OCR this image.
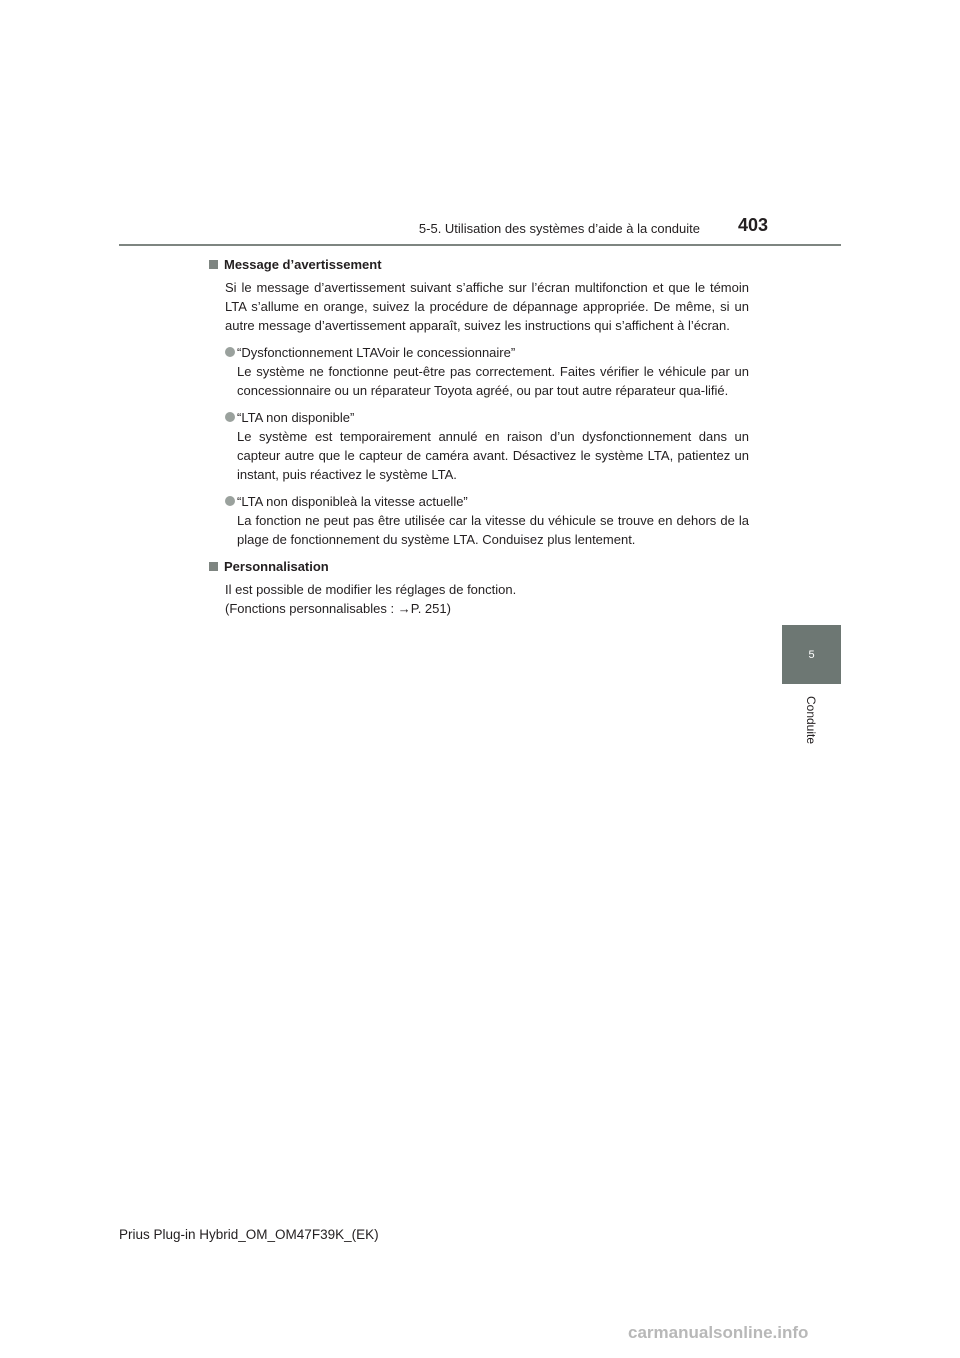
5-5. Utilisation des systèmes d’aide à la conduite 403
5
Conduite
Message d’avertissement

Si le message d’avertissement suivant s’affiche sur l’écran multifonction et que le témoin LTA s’allume en orange, suivez la procédure de dépannage appropriée. De même, si un autre message d’avertissement apparaît, suivez les instructions qui s’affichent à l’écran.

“Dysfonctionnement LTAVoir le concessionnaire”
Le système ne fonctionne peut-être pas correctement. Faites vérifier le véhicule par un concessionnaire ou un réparateur Toyota agréé, ou par tout autre réparateur qua-lifié.
“LTA non disponible”
Le système est temporairement annulé en raison d’un dysfonctionnement dans un capteur autre que le capteur de caméra avant. Désactivez le système LTA, patientez un instant, puis réactivez le système LTA.
“LTA non disponibleà la vitesse actuelle”
La fonction ne peut pas être utilisée car la vitesse du véhicule se trouve en dehors de la plage de fonctionnement du système LTA. Conduisez plus lentement.
Personnalisation

Il est possible de modifier les réglages de fonction.
(Fonctions personnalisables : →P. 251)

Prius Plug-in Hybrid_OM_OM47F39K_(EK)
carmanualsonline.info
